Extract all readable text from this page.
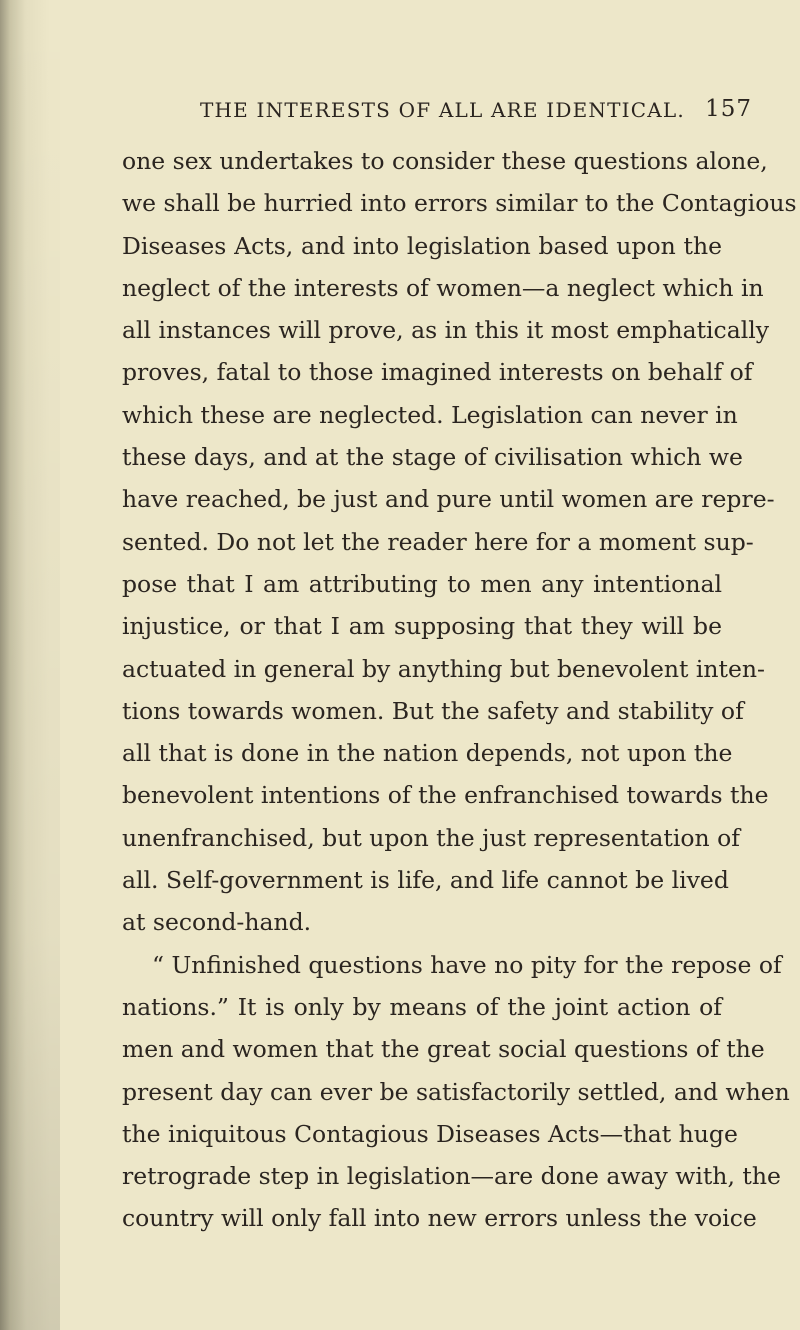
THE INTERESTS OF ALL ARE IDENTICAL. 157
one sex undertakes to consider these questions alone,
we shall be hurried into errors similar to the Contagious
Diseases Acts, and into legislation based upon the
neglect of the interests of women—a neglect which in
all instances will prove, as in this it most emphatically
proves, fatal to those imagined interests on behalf of
which these are neglected. Legislation can never in
these days, and at the stage of civilisation which we
have reached, be just and pure until women are repre-
sented. Do not let the reader here for a moment sup-
pose that I am attributing to men any intentional
injustice, or that I am supposing that they will be
actuated in general by anything but benevolent inten-
tions towards women. But the safety and stability of
all that is done in the nation depends, not upon the
benevolent intentions of the enfranchised towards the
unenfranchised, but upon the just representation of
all. Self-government is life, and life cannot be lived
at second-hand.
“ Unfinished questions have no pity for the repose of
nations.” It is only by means of the joint action of
men and women that the great social questions of the
present day can ever be satisfactorily settled, and when
the iniquitous Contagious Diseases Acts—that huge
retrograde step in legislation—are done away with, the
country will only fall into new errors unless the voice
